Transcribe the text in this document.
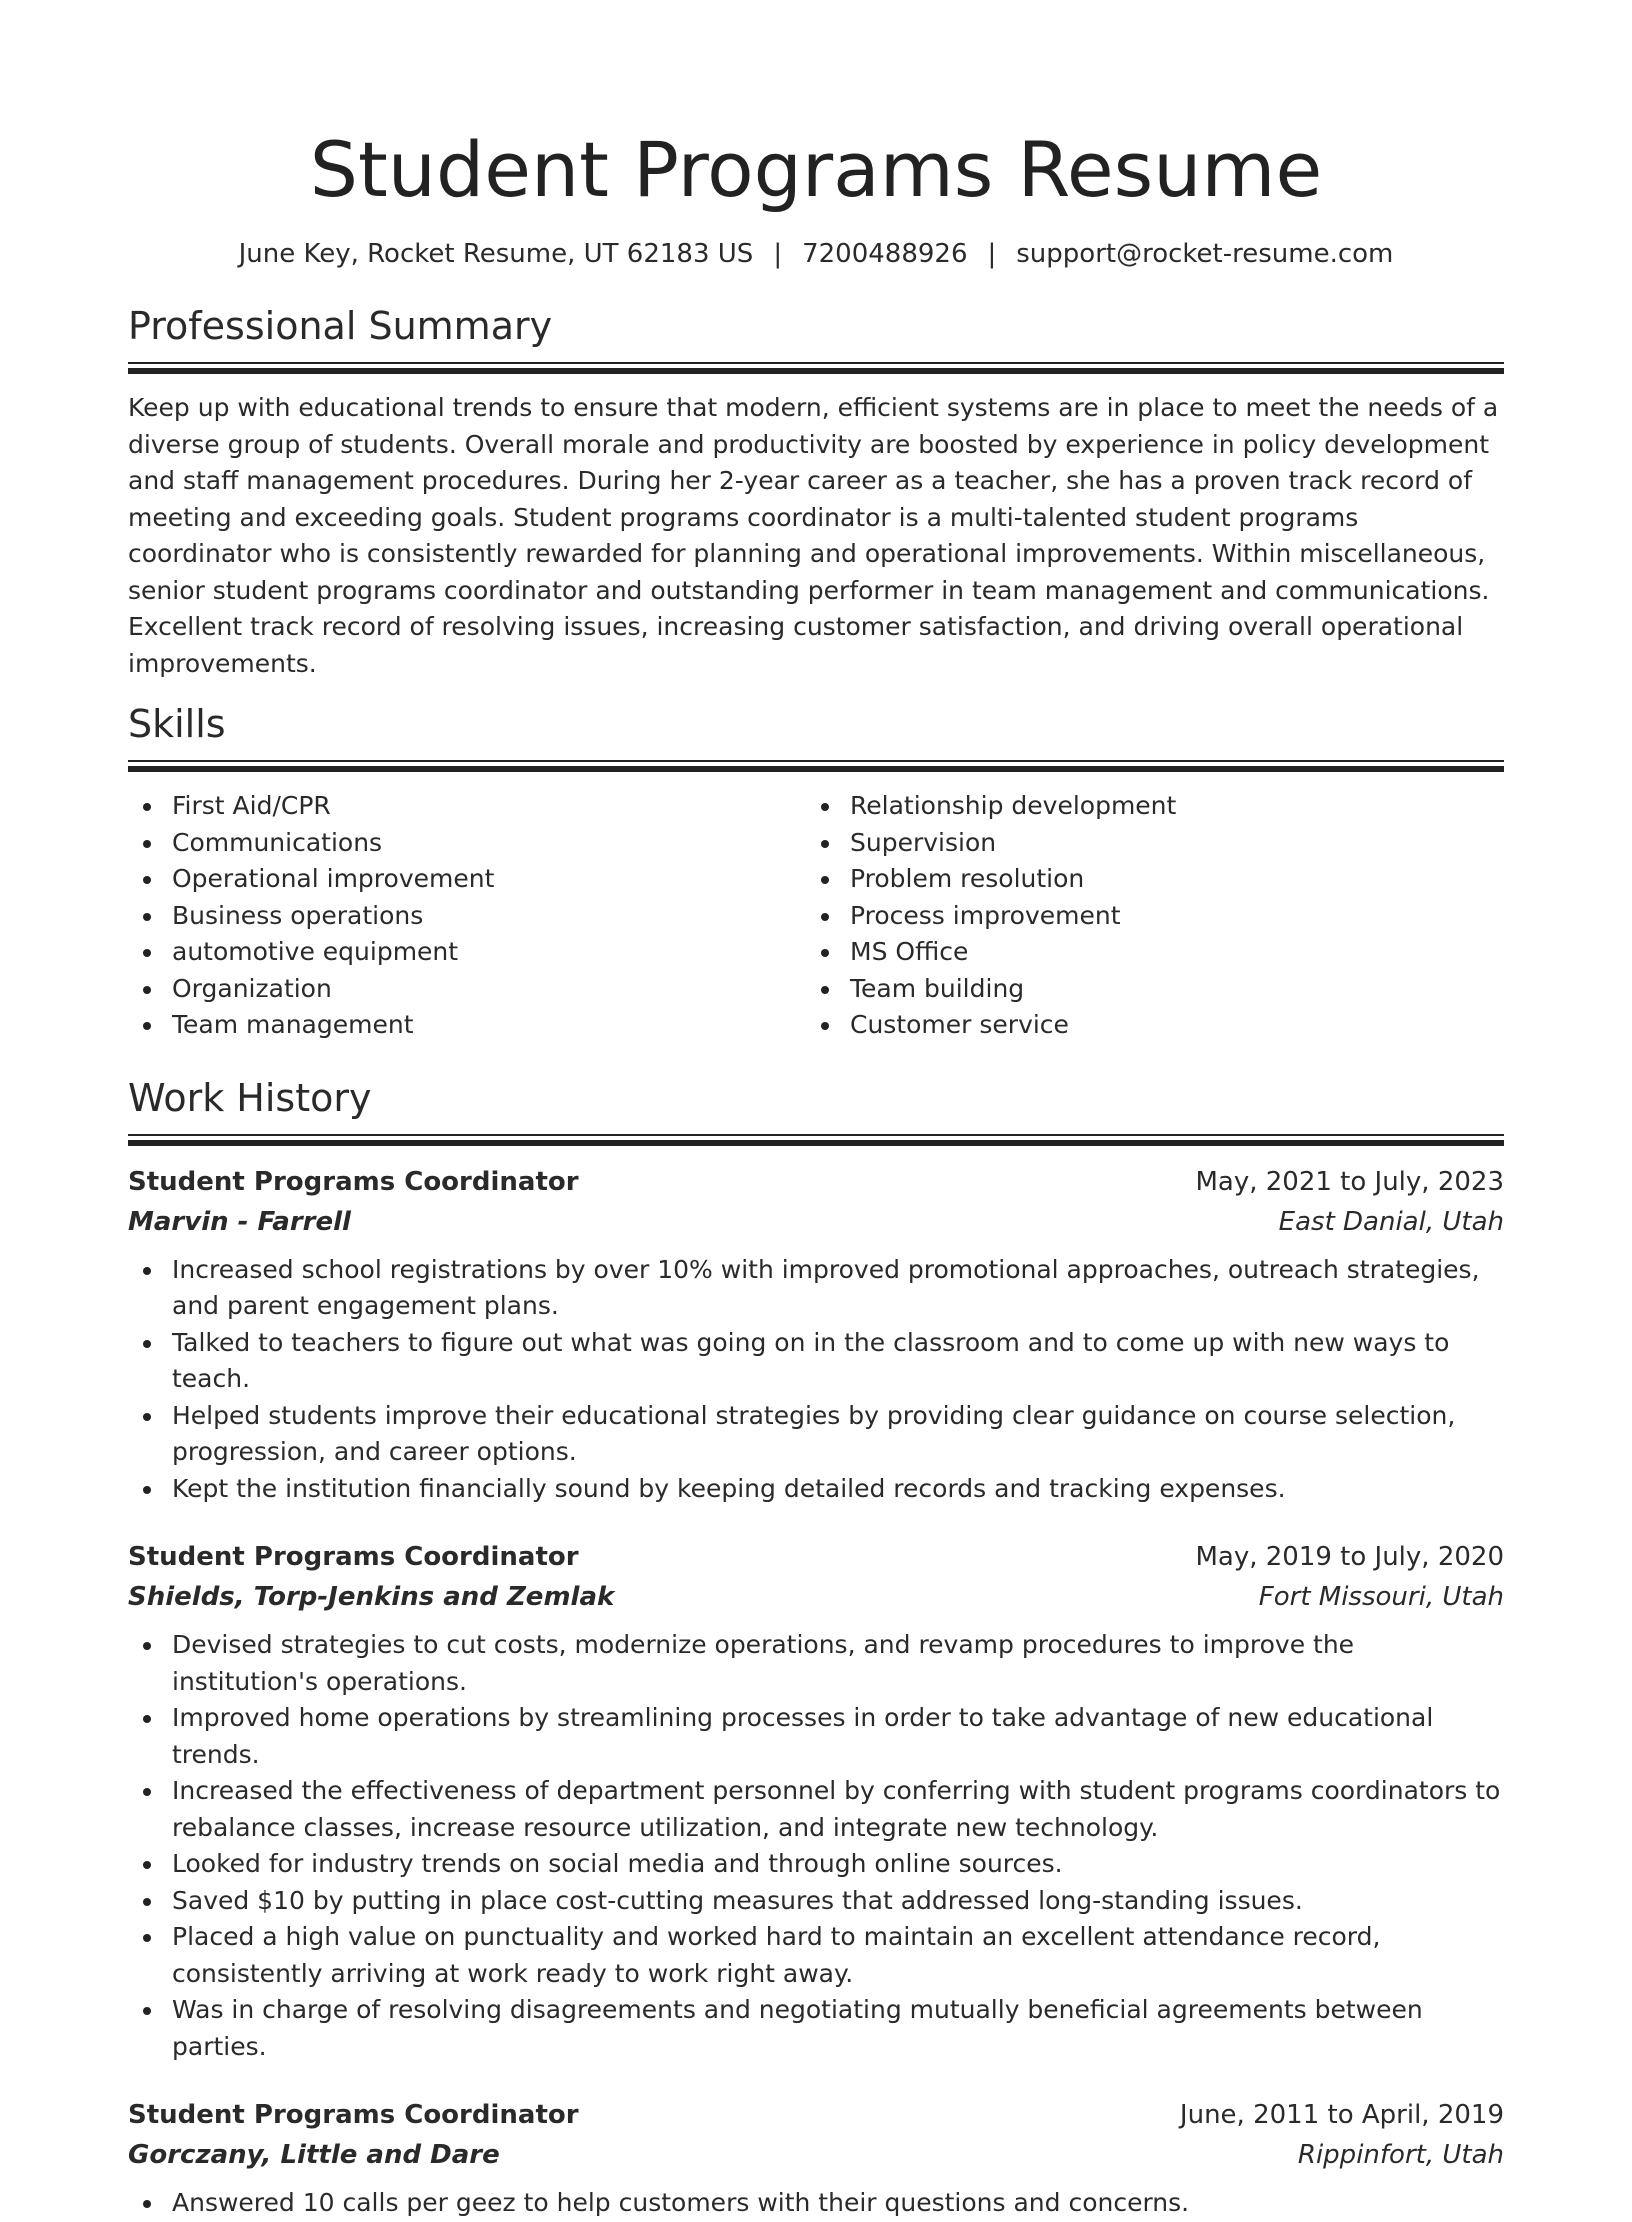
Student Programs Resume
June Key, Rocket Resume, UT 62183 US | 7200488926 | support@rocket-resume.com
Professional Summary

Keep up with educational trends to ensure that modern, efficient systems are in place to meet the needs of a diverse group of students. Overall morale and productivity are boosted by experience in policy development and staff management procedures. During her 2-year career as a teacher, she has a proven track record of meeting and exceeding goals. Student programs coordinator is a multi-talented student programs coordinator who is consistently rewarded for planning and operational improvements. Within miscellaneous, senior student programs coordinator and outstanding performer in team management and communications. Excellent track record of resolving issues, increasing customer satisfaction, and driving overall operational improvements.

Skills
First Aid/CPR
Communications
Operational improvement
Business operations
automotive equipment
Organization
Team management
Relationship development
Supervision
Problem resolution
Process improvement
MS Office
Team building
Customer service
Work History
Student Programs Coordinator	May, 2021 to July, 2023
Marvin - Farrell	East Danial, Utah
Increased school registrations by over 10% with improved promotional approaches, outreach strategies, and parent engagement plans.
Talked to teachers to figure out what was going on in the classroom and to come up with new ways to teach.
Helped students improve their educational strategies by providing clear guidance on course selection, progression, and career options.
Kept the institution financially sound by keeping detailed records and tracking expenses.
Student Programs Coordinator	May, 2019 to July, 2020
Shields, Torp-Jenkins and Zemlak	Fort Missouri, Utah
Devised strategies to cut costs, modernize operations, and revamp procedures to improve the institution's operations.
Improved home operations by streamlining processes in order to take advantage of new educational trends.
Increased the effectiveness of department personnel by conferring with student programs coordinators to rebalance classes, increase resource utilization, and integrate new technology.
Looked for industry trends on social media and through online sources.
Saved $10 by putting in place cost-cutting measures that addressed long-standing issues.
Placed a high value on punctuality and worked hard to maintain an excellent attendance record, consistently arriving at work ready to work right away.
Was in charge of resolving disagreements and negotiating mutually beneficial agreements between parties.
Student Programs Coordinator	June, 2011 to April, 2019
Gorczany, Little and Dare	Rippinfort, Utah
Answered 10 calls per geez to help customers with their questions and concerns.
